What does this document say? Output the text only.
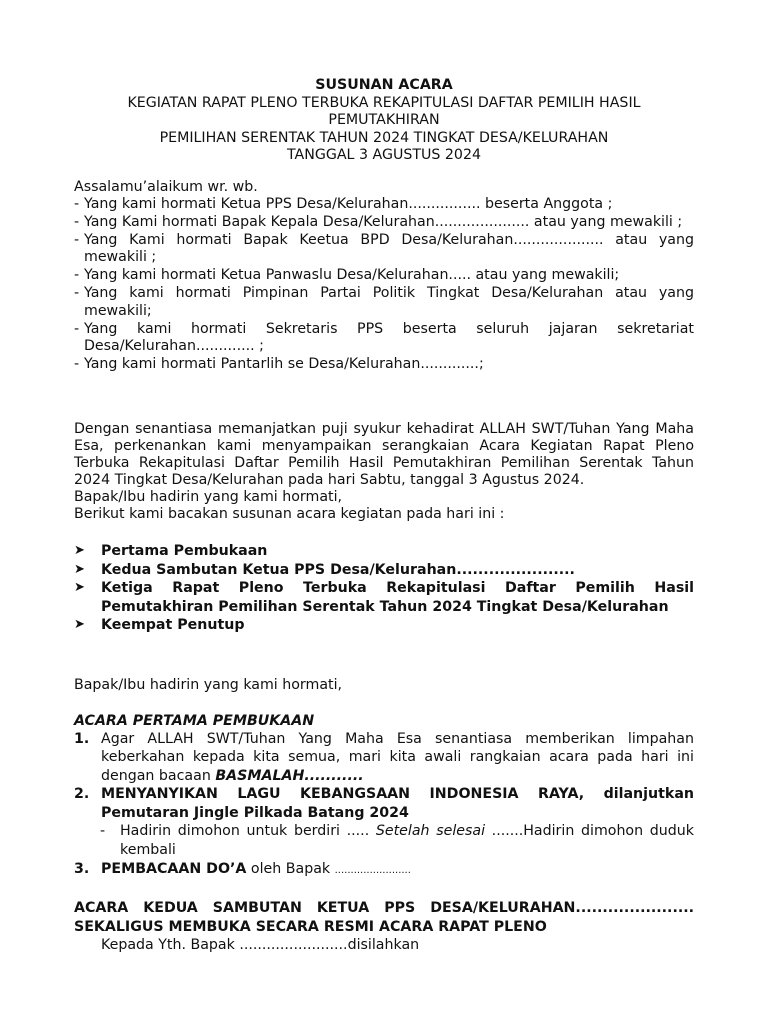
SUSUNAN ACARA
KEGIATAN RAPAT PLENO TERBUKA REKAPITULASI DAFTAR PEMILIH HASIL
PEMUTAKHIRAN
PEMILIHAN SERENTAK TAHUN 2024 TINGKAT DESA/KELURAHAN
TANGGAL 3 AGUSTUS 2024

Assalamu’alaikum wr. wb.

- Yang kami hormati Ketua PPS Desa/Kelurahan................ beserta Anggota ;
- Yang Kami hormati Bapak Kepala Desa/Kelurahan..................... atau yang mewakili ;
- Yang Kami hormati Bapak Keetua BPD Desa/Kelurahan.................... atau yang mewakili ;
- Yang kami hormati Ketua Panwaslu Desa/Kelurahan..... atau yang mewakili;
- Yang kami hormati Pimpinan Partai Politik Tingkat Desa/Kelurahan atau yang mewakili;
- Yang kami hormati Sekretaris PPS beserta seluruh jajaran sekretariat Desa/Kelurahan............. ;
- Yang kami hormati Pantarlih se Desa/Kelurahan.............;

Dengan senantiasa memanjatkan puji syukur kehadirat ALLAH SWT/Tuhan Yang Maha Esa, perkenankan kami menyampaikan serangkaian Acara Kegiatan Rapat Pleno Terbuka Rekapitulasi Daftar Pemilih Hasil Pemutakhiran Pemilihan Serentak Tahun 2024 Tingkat Desa/Kelurahan pada hari Sabtu, tanggal 3 Agustus 2024.

Bapak/Ibu hadirin yang kami hormati,

Berikut kami bacakan susunan acara kegiatan pada hari ini :

➤	Pertama Pembukaan
➤	Kedua Sambutan Ketua PPS Desa/Kelurahan......................
➤	Ketiga Rapat Pleno Terbuka Rekapitulasi Daftar Pemilih Hasil Pemutakhiran Pemilihan Serentak Tahun 2024 Tingkat Desa/Kelurahan
➤	Keempat Penutup
Bapak/Ibu hadirin yang kami hormati,

ACARA PERTAMA PEMBUKAAN

1. Agar ALLAH SWT/Tuhan Yang Maha Esa senantiasa memberikan limpahan keberkahan kepada kita semua, mari kita awali rangkaian acara pada hari ini dengan bacaan BASMALAH...........
2. MENYANYIKAN LAGU KEBANGSAAN INDONESIA RAYA, dilanjutkan Pemutaran Jingle Pilkada Batang 2024
-	Hadirin dimohon untuk berdiri ..... Setelah selesai .......Hadirin dimohon duduk kembali
3. PEMBACAAN DO’A oleh Bapak ........................

ACARA KEDUA SAMBUTAN KETUA PPS DESA/KELURAHAN...................... SEKALIGUS MEMBUKA SECARA RESMI ACARA RAPAT PLENO

Kepada Yth. Bapak ........................disilahkan
